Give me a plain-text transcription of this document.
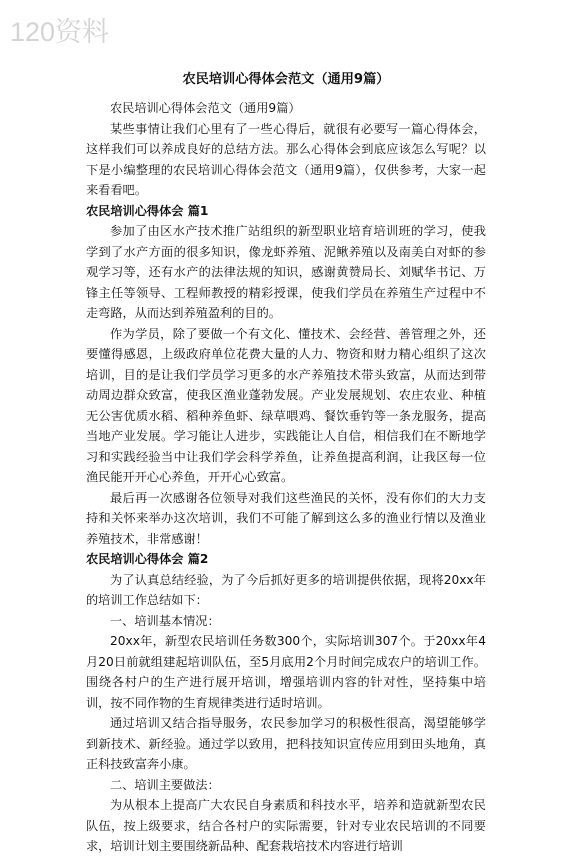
120资料
农民培训心得体会范文（通用9篇）

农民培训心得体会范文（通用9篇）

某些事情让我们心里有了一些心得后，就很有必要写一篇心得体会，这样我们可以养成良好的总结方法。那么心得体会到底应该怎么写呢？以下是小编整理的农民培训心得体会范文（通用9篇），仅供参考，大家一起来看看吧。

农民培训心得体会 篇1

参加了由区水产技术推广站组织的新型职业培育培训班的学习，使我学到了水产方面的很多知识，像龙虾养殖、泥鳅养殖以及南美白对虾的参观学习等，还有水产的法律法规的知识，感谢黄赞局长、刘赋华书记、万锋主任等领导、工程师教授的精彩授课，使我们学员在养殖生产过程中不走弯路，从而达到养殖盈利的目的。

作为学员，除了要做一个有文化、懂技术、会经营、善管理之外，还要懂得感恩，上级政府单位花费大量的人力、物资和财力精心组织了这次培训，目的是让我们学员学习更多的水产养殖技术带头致富，从而达到带动周边群众致富，使我区渔业蓬勃发展。产业发展规划、农庄农业、种植无公害优质水稻、稻种养鱼虾、绿草喂鸡、餐饮垂钓等一条龙服务，提高当地产业发展。学习能让人进步，实践能让人自信，相信我们在不断地学习和实践经验当中让我们学会科学养鱼，让养鱼提高利润，让我区每一位渔民能开开心心养鱼，开开心心致富。

最后再一次感谢各位领导对我们这些渔民的关怀，没有你们的大力支持和关怀来举办这次培训，我们不可能了解到这么多的渔业行情以及渔业养殖技术，非常感谢！

农民培训心得体会 篇2

为了认真总结经验，为了今后抓好更多的培训提供依据，现将20xx年的培训工作总结如下：

一、培训基本情况：

20xx年，新型农民培训任务数300个，实际培训307个。于20xx年4月20日前就组建起培训队伍，至5月底用2个月时间完成农户的培训工作。围绕各村户的生产进行展开培训，增强培训内容的针对性，坚持集中培训，按不同作物的生育规律类进行适时培训。

通过培训又结合指导服务，农民参加学习的积极性很高，渴望能够学到新技术、新经验。通过学以致用，把科技知识宣传应用到田头地角，真正科技致富奔小康。

二、培训主要做法：

为从根本上提高广大农民自身素质和科技水平，培养和造就新型农民队伍，按上级要求，结合各村户的实际需要，针对专业农民培训的不同要求，培训计划主要围绕新品种、配套栽培技术内容进行培训
